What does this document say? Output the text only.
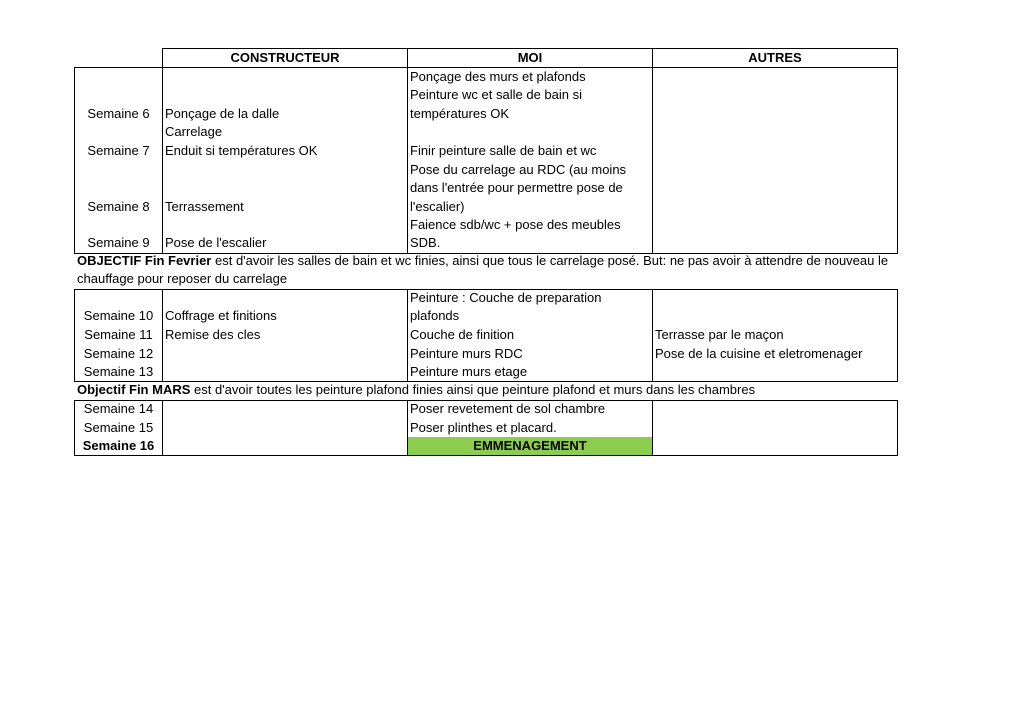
CONSTRUCTEUR	MOI	AUTRES
Semaine 6
Semaine 7
Semaine 8
Semaine 9
Ponçage de la dalle
Carrelage
Enduit si températures OK
Terrassement
Pose de l'escalier
Ponçage des murs et plafonds
Peinture wc et salle de bain si
températures OK
Finir peinture salle de bain et wc
Pose du carrelage au RDC (au moins
dans l'entrée pour permettre pose de
l'escalier)
Faience sdb/wc + pose des meubles
SDB.
OBJECTIF Fin Fevrier est d'avoir les salles de bain et wc finies, ainsi que tous le carrelage posé. But: ne pas avoir à attendre de nouveau le
chauffage pour reposer du carrelage
Semaine 10
Semaine 11
Semaine 12
Semaine 13
Coffrage et finitions
Remise des cles
Peinture : Couche de preparation
plafonds
Couche de finition
Peinture murs RDC
Peinture murs etage
Terrasse par le maçon
Pose de la cuisine et eletromenager
Objectif Fin MARS est d'avoir toutes les peinture plafond finies ainsi que peinture plafond et murs dans les chambres
Semaine 14
Semaine 15
Semaine 16
Poser revetement de sol chambre
Poser plinthes et placard.
EMMENAGEMENT
